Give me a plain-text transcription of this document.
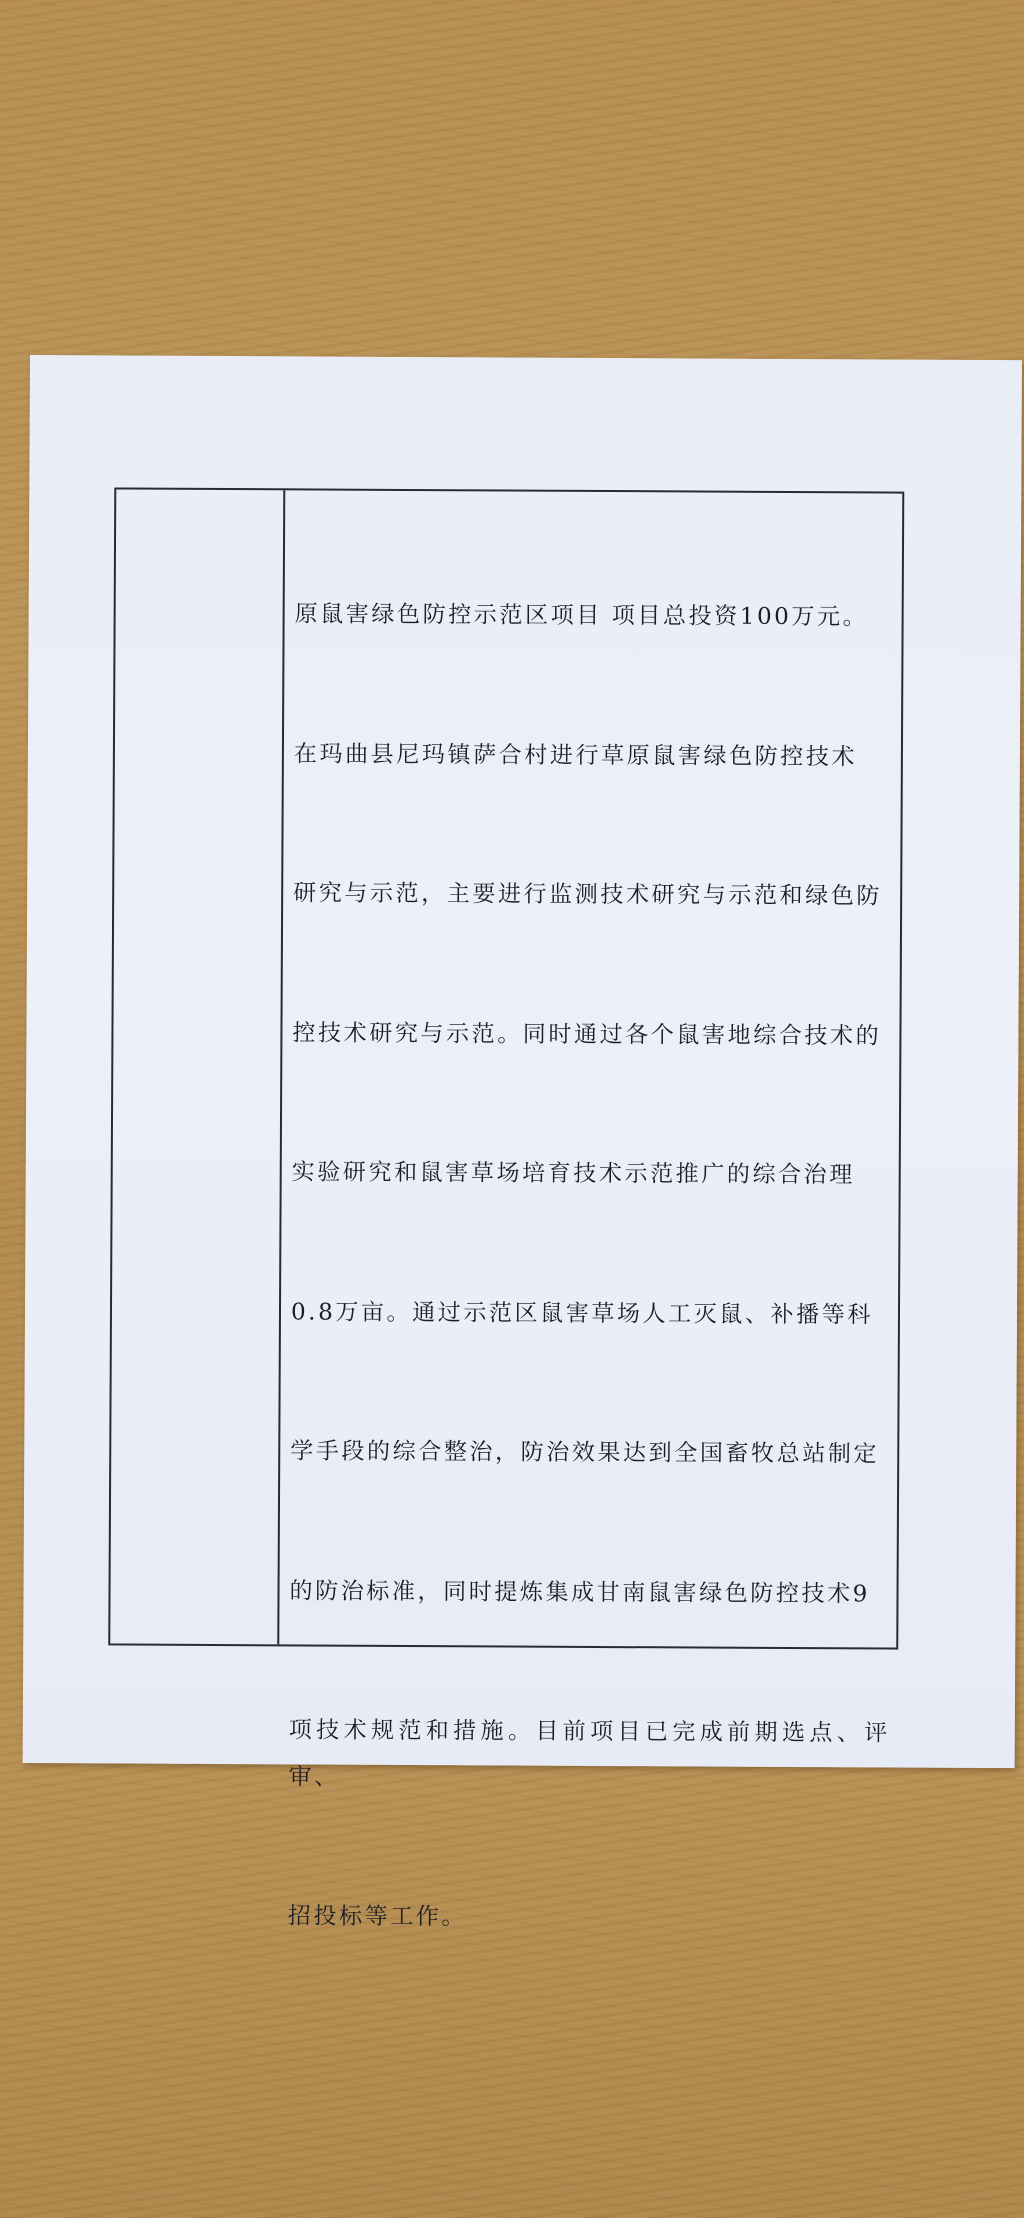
原鼠害绿色防控示范区项目 项目总投资100万元。

在玛曲县尼玛镇萨合村进行草原鼠害绿色防控技术

研究与示范，主要进行监测技术研究与示范和绿色防

控技术研究与示范。同时通过各个鼠害地综合技术的

实验研究和鼠害草场培育技术示范推广的综合治理

0.8万亩。通过示范区鼠害草场人工灭鼠、补播等科

学手段的综合整治，防治效果达到全国畜牧总站制定

的防治标准，同时提炼集成甘南鼠害绿色防控技术9

项技术规范和措施。目前项目已完成前期选点、评审、

招投标等工作。
